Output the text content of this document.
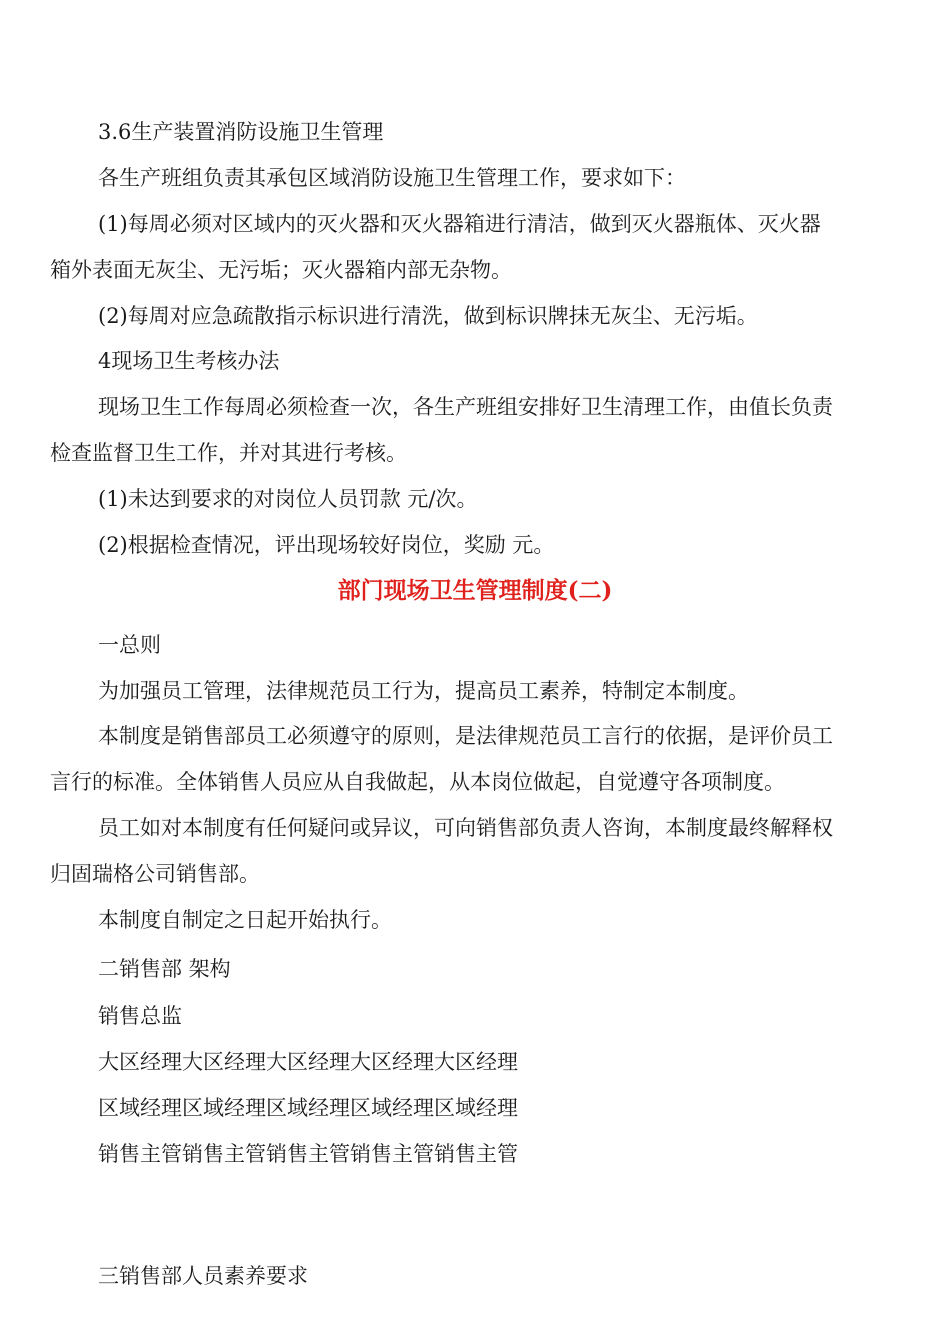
3.6生产装置消防设施卫生管理

各生产班组负责其承包区域消防设施卫生管理工作，要求如下：

(1)每周必须对区域内的灭火器和灭火器箱进行清洁，做到灭火器瓶体、灭火器

箱外表面无灰尘、无污垢；灭火器箱内部无杂物。

(2)每周对应急疏散指示标识进行清洗，做到标识牌抹无灰尘、无污垢。

4现场卫生考核办法

现场卫生工作每周必须检查一次，各生产班组安排好卫生清理工作，由值长负责

检查监督卫生工作，并对其进行考核。

(1)未达到要求的对岗位人员罚款 元/次。

(2)根据检查情况，评出现场较好岗位，奖励 元。

部门现场卫生管理制度(二)

一总则

为加强员工管理，法律规范员工行为，提高员工素养，特制定本制度。

本制度是销售部员工必须遵守的原则，是法律规范员工言行的依据，是评价员工

言行的标准。全体销售人员应从自我做起，从本岗位做起，自觉遵守各项制度。

员工如对本制度有任何疑问或异议，可向销售部负责人咨询，本制度最终解释权

归固瑞格公司销售部。

本制度自制定之日起开始执行。

二销售部 架构

销售总监

大区经理大区经理大区经理大区经理大区经理

区域经理区域经理区域经理区域经理区域经理

销售主管销售主管销售主管销售主管销售主管

三销售部人员素养要求
